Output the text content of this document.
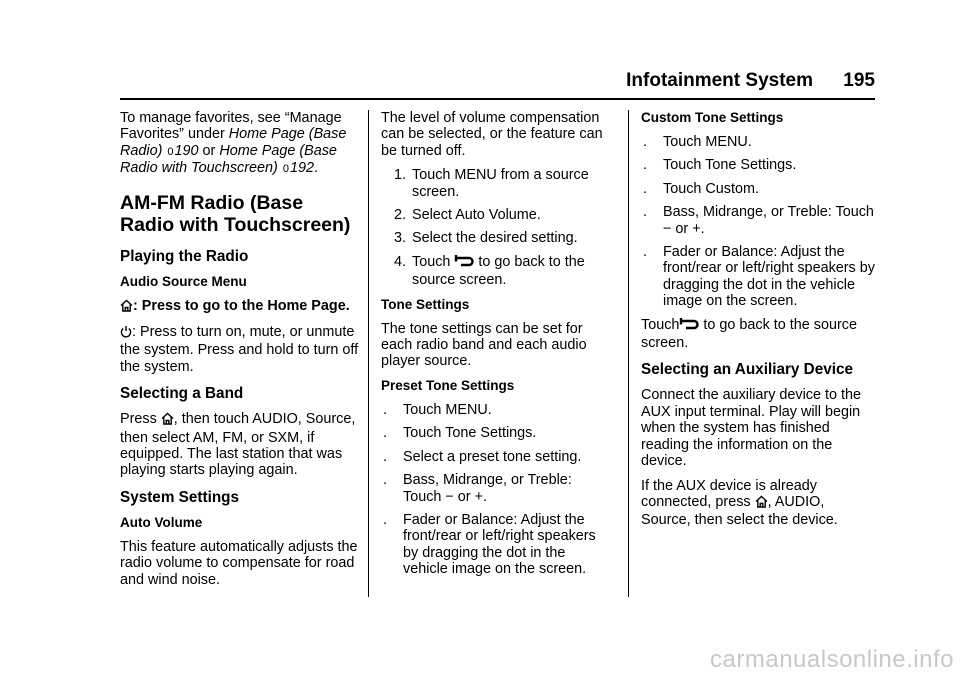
Infotainment System 195

To manage favorites, see “Manage Favorites” under Home Page (Base Radio) 0190 or Home Page (Base Radio with Touchscreen) 0192.

AM-FM Radio (Base Radio with Touchscreen)
Playing the Radio
Audio Source Menu

: Press to go to the Home Page.

: Press to turn on, mute, or unmute the system. Press and hold to turn off the system.

Selecting a Band

Press , then touch AUDIO, Source, then select AM, FM, or SXM, if equipped. The last station that was playing starts playing again.

System Settings
Auto Volume

This feature automatically adjusts the radio volume to compensate for road and wind noise.

The level of volume compensation can be selected, or the feature can be turned off.

1. Touch MENU from a source screen.
2. Select Auto Volume.
3. Select the desired setting.
4. Touch  to go back to the source screen.
Tone Settings

The tone settings can be set for each radio band and each audio player source.

Preset Tone Settings
.	Touch MENU.
.	Touch Tone Settings.
.	Select a preset tone setting.
.	Bass, Midrange, or Treble: Touch − or +.
.	Fader or Balance: Adjust the front/rear or left/right speakers by dragging the dot in the vehicle image on the screen.
Custom Tone Settings
.	Touch MENU.
.	Touch Tone Settings.
.	Touch Custom.
.	Bass, Midrange, or Treble: Touch − or +.
.	Fader or Balance: Adjust the front/rear or left/right speakers by dragging the dot in the vehicle image on the screen.

Touch to go back to the source screen.

Selecting an Auxiliary Device

Connect the auxiliary device to the AUX input terminal. Play will begin when the system has finished reading the information on the device.

If the AUX device is already connected, press , AUDIO, Source, then select the device.

carmanualsonline.info
